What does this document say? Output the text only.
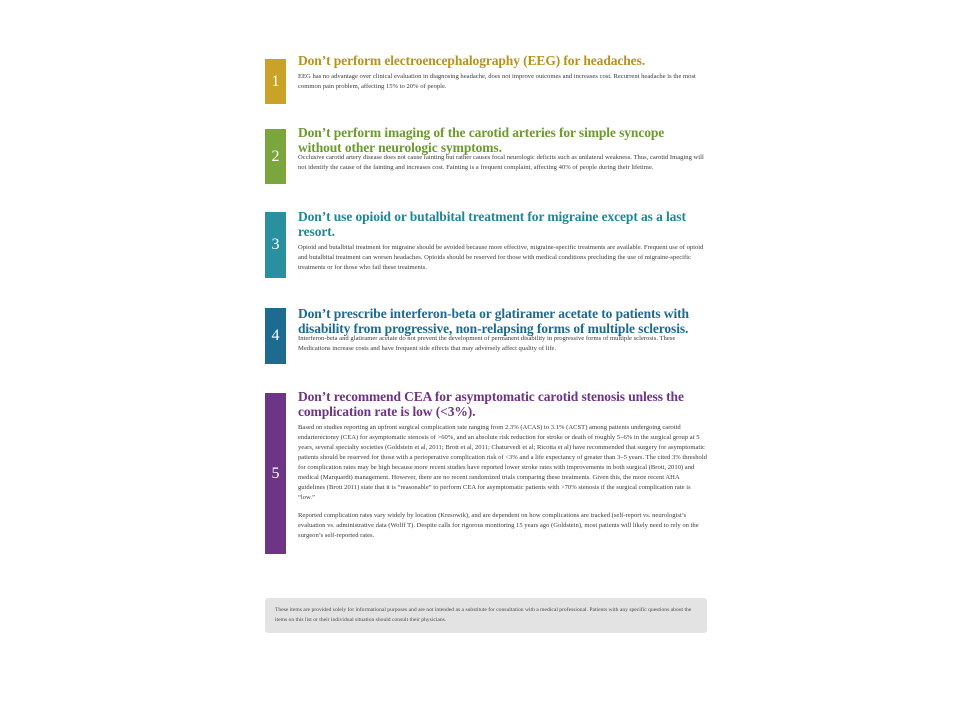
1

Don’t perform electroencephalography (EEG) for headaches.

EEG has no advantage over clinical evaluation in diagnosing headache, does not improve outcomes and increases cost. Recurrent headache is the most common pain problem, affecting 15% to 20% of people.

2

Don’t perform imaging of the carotid arteries for simple syncope without other neurologic symptoms.

Occlusive carotid artery disease does not cause fainting but rather causes focal neurologic deficits such as unilateral weakness. Thus, carotid Imaging will not identify the cause of the fainting and increases cost. Fainting is a frequent complaint, affecting 40% of people during their lifetime.

3

Don’t use opioid or butalbital treatment for migraine except as a last resort.

Opioid and butalbital treatment for migraine should be avoided because more effective, migraine-specific treatments are available. Frequent use of opioid and butalbital treatment can worsen headaches. Opioids should be reserved for those with medical conditions precluding the use of migraine-specific treatments or for those who fail these treatments.

4

Don’t prescribe interferon-beta or glatiramer acetate to patients with disability from progressive, non-relapsing forms of multiple sclerosis.

Interferon-beta and glatiramer acetate do not prevent the development of permanent disability in progressive forms of multiple sclerosis. These Medications increase costs and have frequent side effects that may adversely affect quality of life.

5

Don’t recommend CEA for asymptomatic carotid stenosis unless the complication rate is low (<3%).

Based on studies reporting an upfront surgical complication rate ranging from 2.3% (ACAS) to 3.1% (ACST) among patients undergoing carotid endarterectomy (CEA) for asymptomatic stenosis of >60%, and an absolute risk reduction for stroke or death of roughly 5–6% in the surgical group at 5 years, several specialty societies (Goldstein et al, 2011; Brott et al, 2011; Chaturvedi et al; Ricotta et al) have recommended that surgery for asymptomatic patients should be reserved for those with a perioperative complication risk of <3% and a life expectancy of greater than 3–5 years. The cited 3% threshold for complication rates may be high because more recent studies have reported lower stroke rates with improvements in both surgical (Brott, 2010) and medical (Marquardt) management. However, there are no recent randomized trials comparing these treatments. Given this, the more recent AHA guidelines (Brott 2011) state that it is “reasonable” to perform CEA for asymptomatic patients with >70% stenosis if the surgical complication rate is “low.”

Reported complication rates vary widely by location (Kresowik), and are dependent on how complications are tracked (self-report vs. neurologist’s evaluation vs. administrative data (Wolff T). Despite calls for rigorous monitoring 15 years ago (Goldstein), most patients will likely need to rely on the surgeon’s self-reported rates.

These items are provided solely for informational purposes and are not intended as a substitute for consultation with a medical professional. Patients with any specific questions about the items on this list or their individual situation should consult their physicians.
